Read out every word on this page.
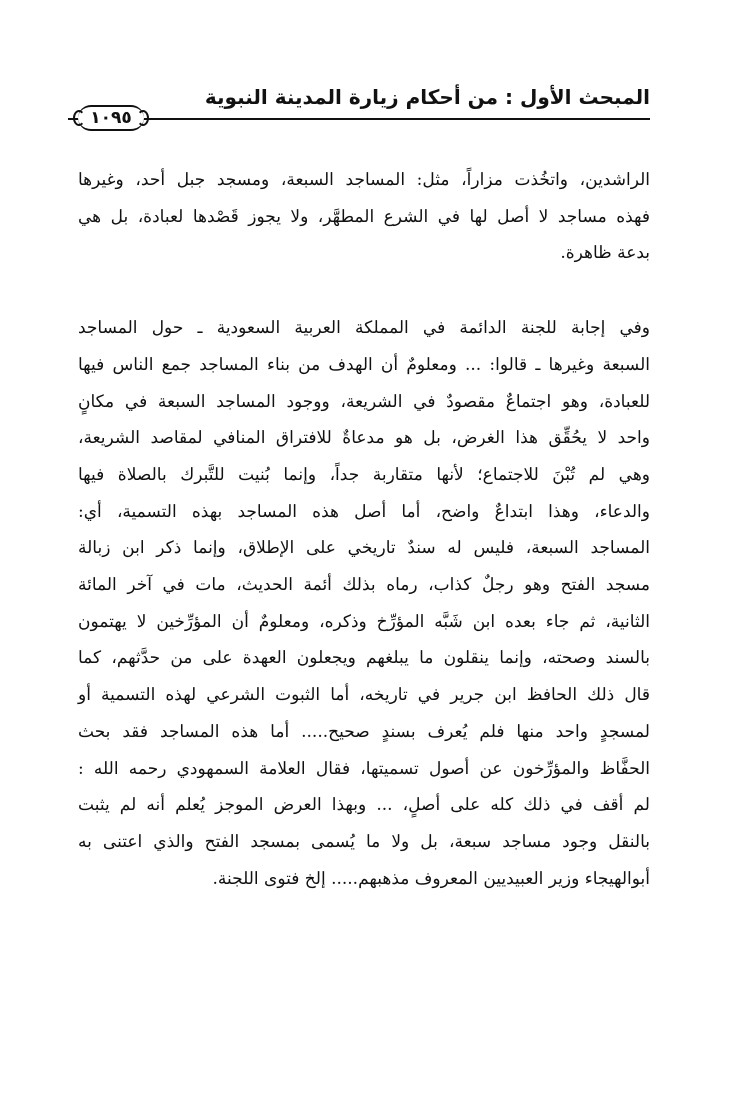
المبحث الأول : من أحكام زيارة المدينة النبوية
١٠٩٥

الراشدين، واتخُذت مزاراً، مثل: المساجد السبعة، ومسجد جبل أحد، وغيرها

فهذه مساجد لا أصل لها في الشرع المطهَّر، ولا يجوز قَصْدها لعبادة، بل هي

بدعة ظاهرة.

وفي إجابة للجنة الدائمة في المملكة العربية السعودية ـ حول المساجد

السبعة وغيرها ـ قالوا: ... ومعلومٌ أن الهدف من بناء المساجد جمع الناس فيها

للعبادة، وهو اجتماعٌ مقصودٌ في الشريعة، ووجود المساجد السبعة في مكانٍ

واحد لا يحُقِّق هذا الغرض، بل هو مدعاةٌ للافتراق المنافي لمقاصد الشريعة،

وهي لم تُبْنَ للاجتماع؛ لأنها متقاربة جداً، وإنما بُنيت للتَّبرك بالصلاة فيها

والدعاء، وهذا ابتداعٌ واضح، أما أصل هذه المساجد بهذه التسمية، أي:

المساجد السبعة، فليس له سندٌ تاريخي على الإطلاق، وإنما ذكر ابن زبالة

مسجد الفتح وهو رجلٌ كذاب، رماه بذلك أئمة الحديث، مات في آخر المائة

الثانية، ثم جاء بعده ابن شَبَّه المؤرِّخ وذكره، ومعلومٌ أن المؤرِّخين لا يهتمون

بالسند وصحته، وإنما ينقلون ما يبلغهم ويجعلون العهدة على من حدَّثهم، كما

قال ذلك الحافظ ابن جرير في تاريخه، أما الثبوت الشرعي لهذه التسمية أو

لمسجدٍ واحد منها فلم يُعرف بسندٍ صحيح..... أما هذه المساجد فقد بحث

الحفَّاظ والمؤرِّخون عن أصول تسميتها، فقال العلامة السمهودي رحمه الله :

لم أقف في ذلك كله على أصلٍ، ... وبهذا العرض الموجز يُعلم أنه لم يثبت

بالنقل وجود مساجد سبعة، بل ولا ما يُسمى بمسجد الفتح والذي اعتنى به

أبوالهيجاء وزير العبيديين المعروف مذهبهم..... إلخ فتوى اللجنة.
